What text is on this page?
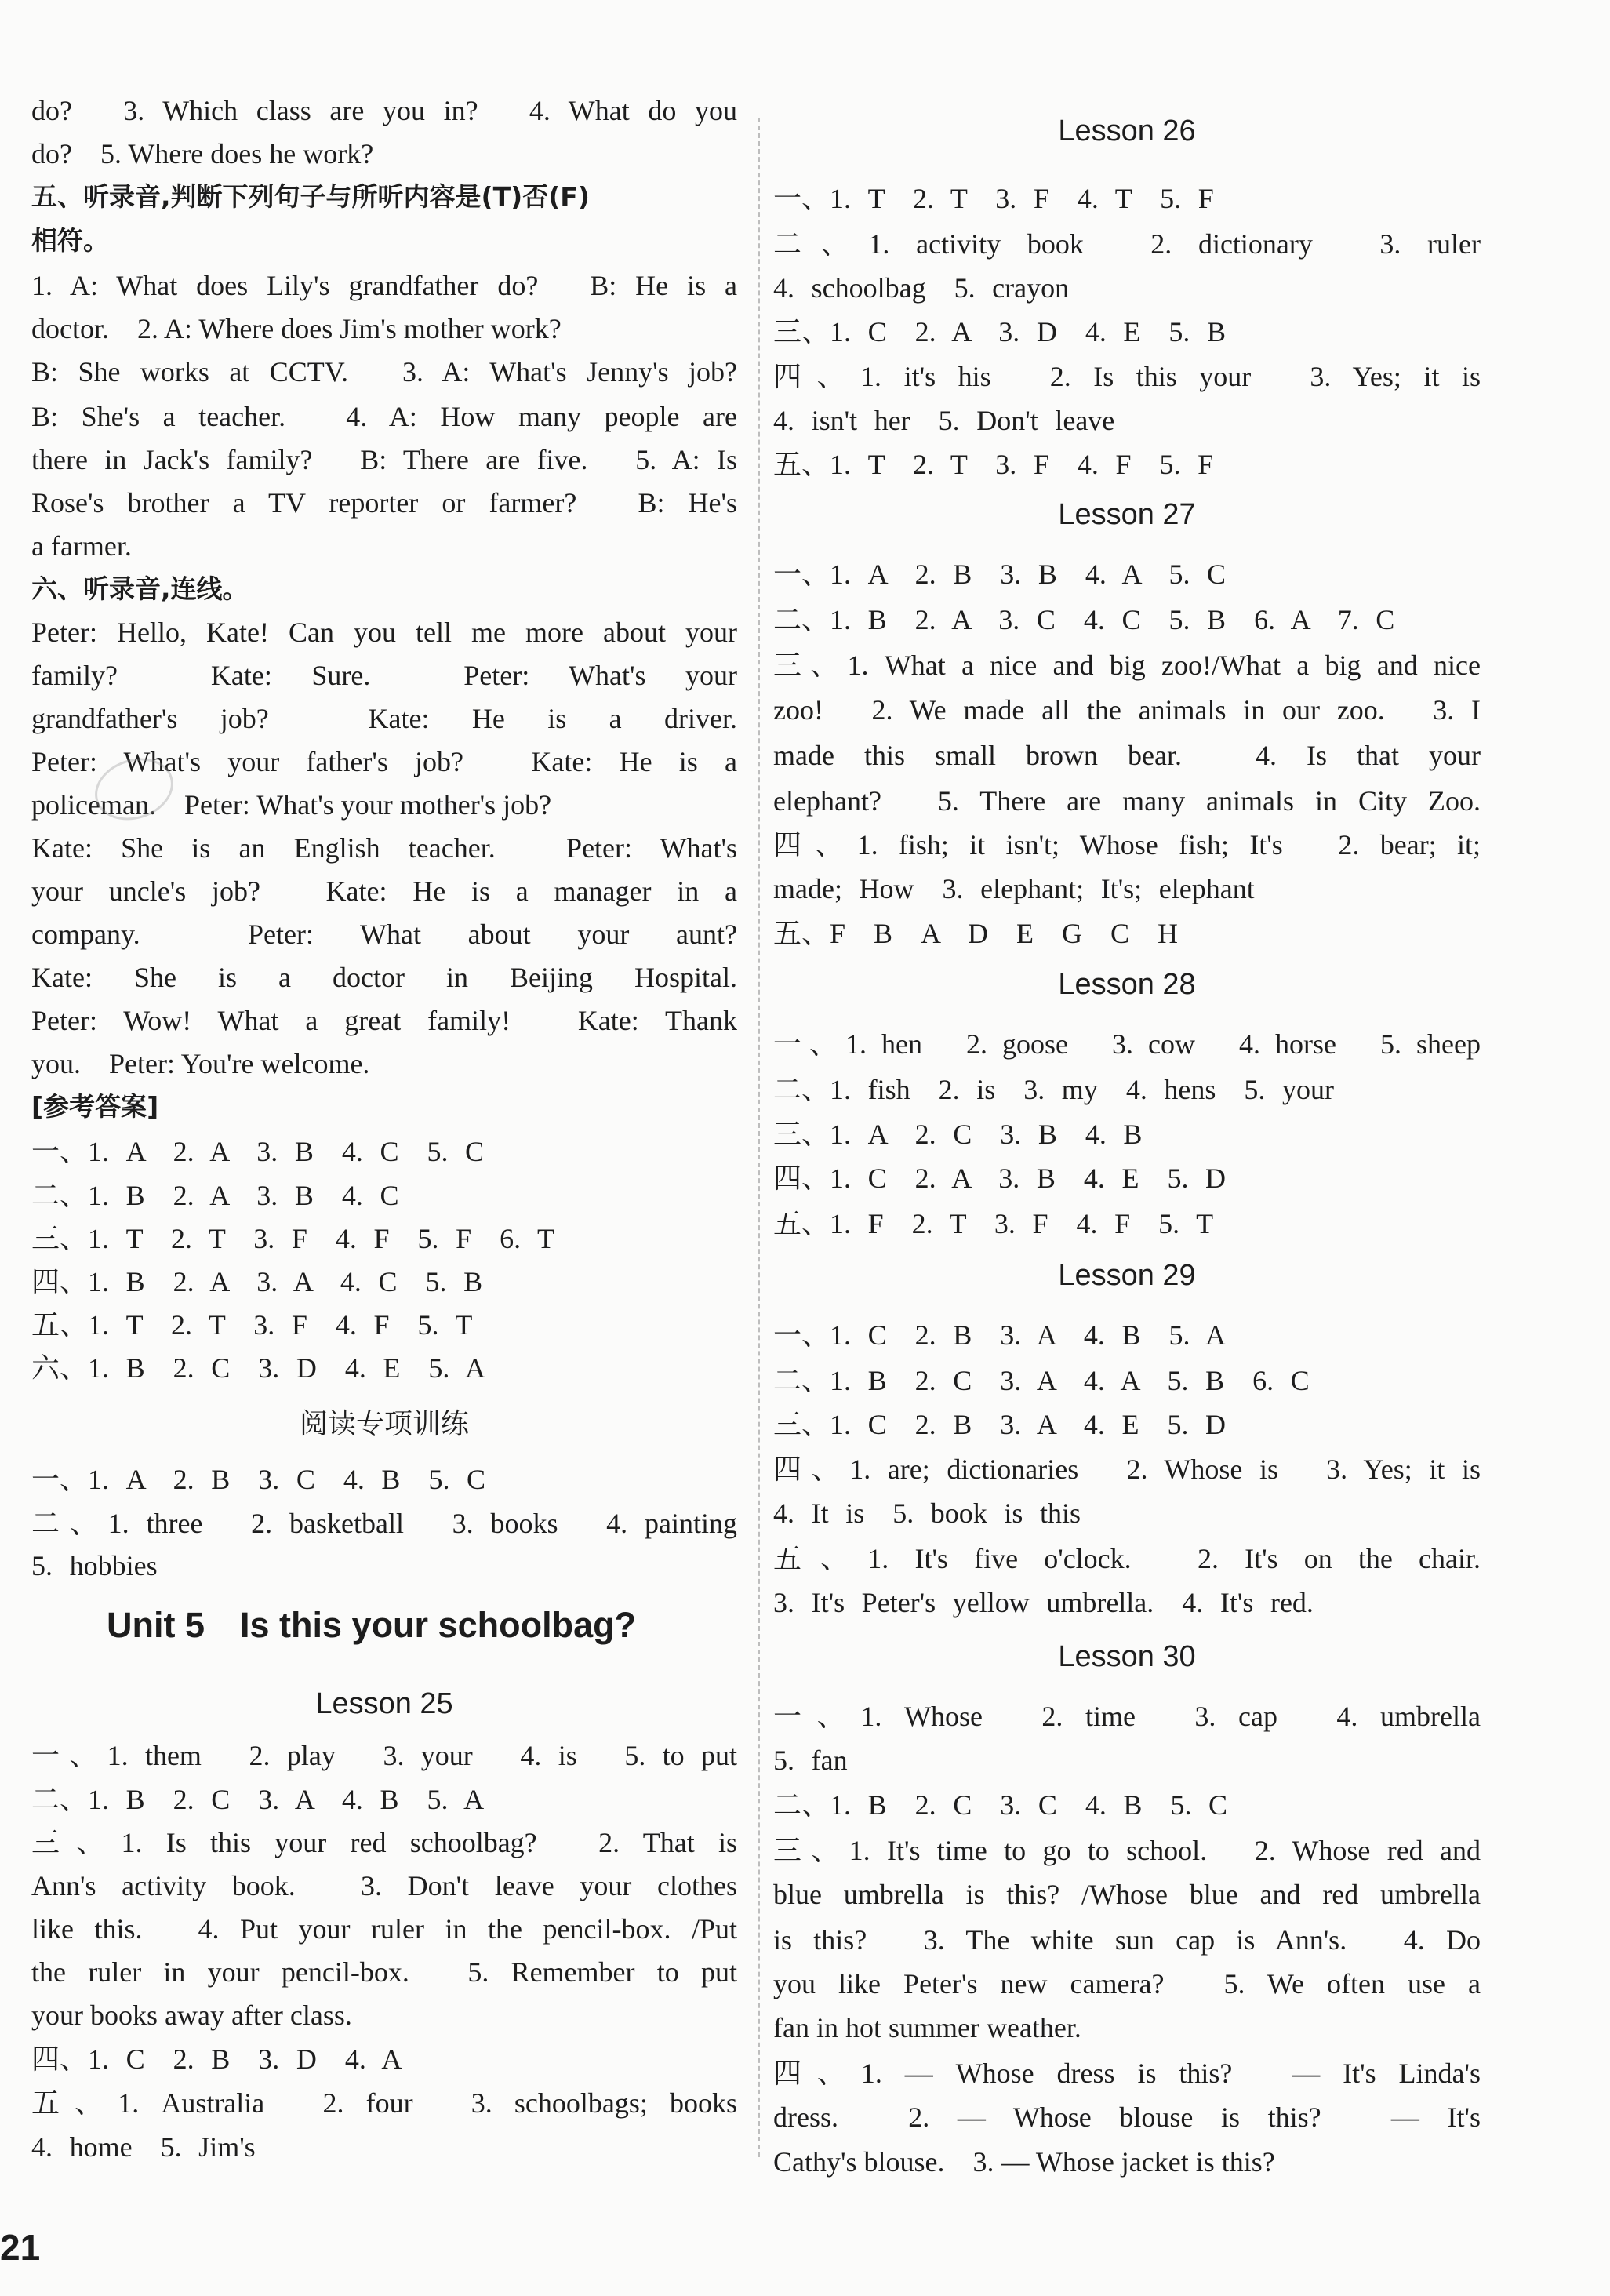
do?　3. Which class are you in?　4. What do you
do?　5. Where does he work?
五、听录音,判断下列句子与所听内容是(T)否(F)
相符。
1. A: What does Lily's grandfather do?　B: He is a
doctor.　2. A: Where does Jim's mother work?
B: She works at CCTV.　3. A: What's Jenny's job?
B: She's a teacher.　4. A: How many people are
there in Jack's family?　B: There are five.　5. A: Is
Rose's brother a TV reporter or farmer?　B: He's
a farmer.
六、听录音,连线。
Peter: Hello, Kate! Can you tell me more about your
family?　Kate: Sure.　Peter: What's your
grandfather's job?　Kate: He is a driver.
Peter: What's your father's job?　Kate: He is a
policeman.　Peter: What's your mother's job?
Kate: She is an English teacher.　Peter: What's
your uncle's job?　Kate: He is a manager in a
company.　Peter: What about your aunt?
Kate: She is a doctor in Beijing Hospital.
Peter: Wow! What a great family!　Kate: Thank
you.　Peter: You're welcome.
[参考答案]
一、1. A　2. A　3. B　4. C　5. C
二、1. B　2. A　3. B　4. C
三、1. T　2. T　3. F　4. F　5. F　6. T
四、1. B　2. A　3. A　4. C　5. B
五、1. T　2. T　3. F　4. F　5. T
六、1. B　2. C　3. D　4. E　5. A
阅读专项训练
一、1. A　2. B　3. C　4. B　5. C
二、1. three　2. basketball　3. books　4. painting
5. hobbies
Unit 5　Is this your schoolbag?
Lesson 25
一、1. them　2. play　3. your　4. is　5. to put
二、1. B　2. C　3. A　4. B　5. A
三、1. Is this your red schoolbag?　2. That is
Ann's activity book.　3. Don't leave your clothes
like this.　4. Put your ruler in the pencil-box. /Put
the ruler in your pencil-box.　5. Remember to put
your books away after class.
四、1. C　2. B　3. D　4. A
五、1. Australia　2. four　3. schoolbags; books
4. home　5. Jim's
Lesson 26
一、1. T　2. T　3. F　4. T　5. F
二、1. activity book　2. dictionary　3. ruler
4. schoolbag　5. crayon
三、1. C　2. A　3. D　4. E　5. B
四、1. it's his　2. Is this your　3. Yes; it is
4. isn't her　5. Don't leave
五、1. T　2. T　3. F　4. F　5. F
Lesson 27
一、1. A　2. B　3. B　4. A　5. C
二、1. B　2. A　3. C　4. C　5. B　6. A　7. C
三、1. What a nice and big zoo!/What a big and nice
zoo!　2. We made all the animals in our zoo.　3. I
made this small brown bear.　4. Is that your
elephant?　5. There are many animals in City Zoo.
四、1. fish; it isn't; Whose fish; It's　2. bear; it;
made; How　3. elephant; It's; elephant
五、F　B　A　D　E　G　C　H
Lesson 28
一、1. hen　2. goose　3. cow　4. horse　5. sheep
二、1. fish　2. is　3. my　4. hens　5. your
三、1. A　2. C　3. B　4. B
四、1. C　2. A　3. B　4. E　5. D
五、1. F　2. T　3. F　4. F　5. T
Lesson 29
一、1. C　2. B　3. A　4. B　5. A
二、1. B　2. C　3. A　4. A　5. B　6. C
三、1. C　2. B　3. A　4. E　5. D
四、1. are; dictionaries　2. Whose is　3. Yes; it is
4. It is　5. book is this
五、1. It's five o'clock.　2. It's on the chair.
3. It's Peter's yellow umbrella.　4. It's red.
Lesson 30
一、1. Whose　2. time　3. cap　4. umbrella
5. fan
二、1. B　2. C　3. C　4. B　5. C
三、1. It's time to go to school.　2. Whose red and
blue umbrella is this? /Whose blue and red umbrella
is this?　3. The white sun cap is Ann's.　4. Do
you like Peter's new camera?　5. We often use a
fan in hot summer weather.
四、1. — Whose dress is this?　— It's Linda's
dress.　2. — Whose blouse is this?　— It's
Cathy's blouse.　3. — Whose jacket is this?
21
